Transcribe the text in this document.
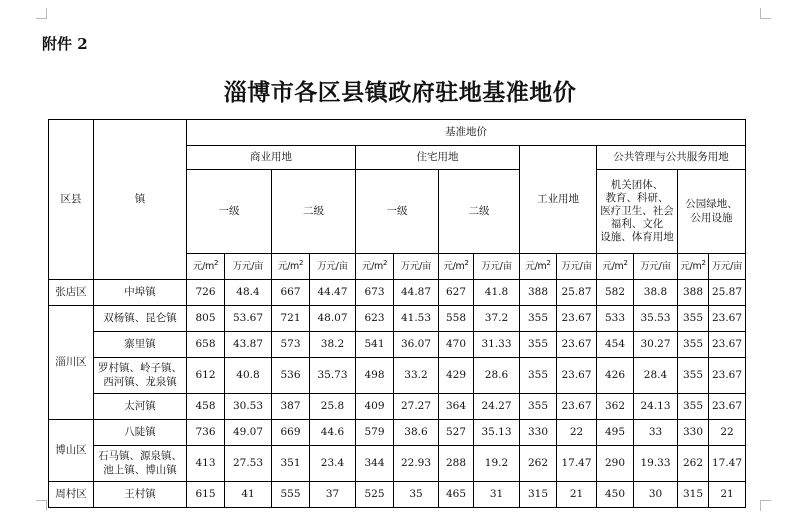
附件 2
淄博市各区县镇政府驻地基准地价
区县	镇	基准地价													
		商业用地				住宅用地				工业用地		公共管理与公共服务用地			
		一级		二级		一级		二级				机关团体、
教育、科研、
医疗卫生、社会
福利、文化
设施、体育用地		公园绿地、公用设施	
		元$/m^2$	万元/亩	元$/m^2$	万元/亩	元$/m^2$	万元/亩	元$/m^2$	万元/亩	元$/m^2$	万元/亩	元$/m^2$	万元/亩	元$/m^2$	万元/亩
张店区	中埠镇	726	48.4	667	44.47	673	44.87	627	41.8	388	25.87	582	38.8	388	25.87
淄川区	双杨镇、昆仑镇	805	53.67	721	48.07	623	41.53	558	37.2	355	23.67	533	35.53	355	23.67

	寨里镇	658	43.87	573	38.2	541	36.07	470	31.33	355	23.67	454	30.27	355	23.67

	罗村镇、岭子镇、
西河镇、龙泉镇	612	40.8	536	35.73	498	33.2	429	28.6	355	23.67	426	28.4	355	23.67

	太河镇	458	30.53	387	25.8	409	27.27	364	24.27	355	23.67	362	24.13	355	23.67
博山区	八陡镇	736	49.07	669	44.6	579	38.6	527	35.13	330	22	495	33	330	22

	石马镇、源泉镇、
池上镇、博山镇	413	27.53	351	23.4	344	22.93	288	19.2	262	17.47	290	19.33	262	17.47
周村区	王村镇	615	41	555	37	525	35	465	31	315	21	450	30	315	21
